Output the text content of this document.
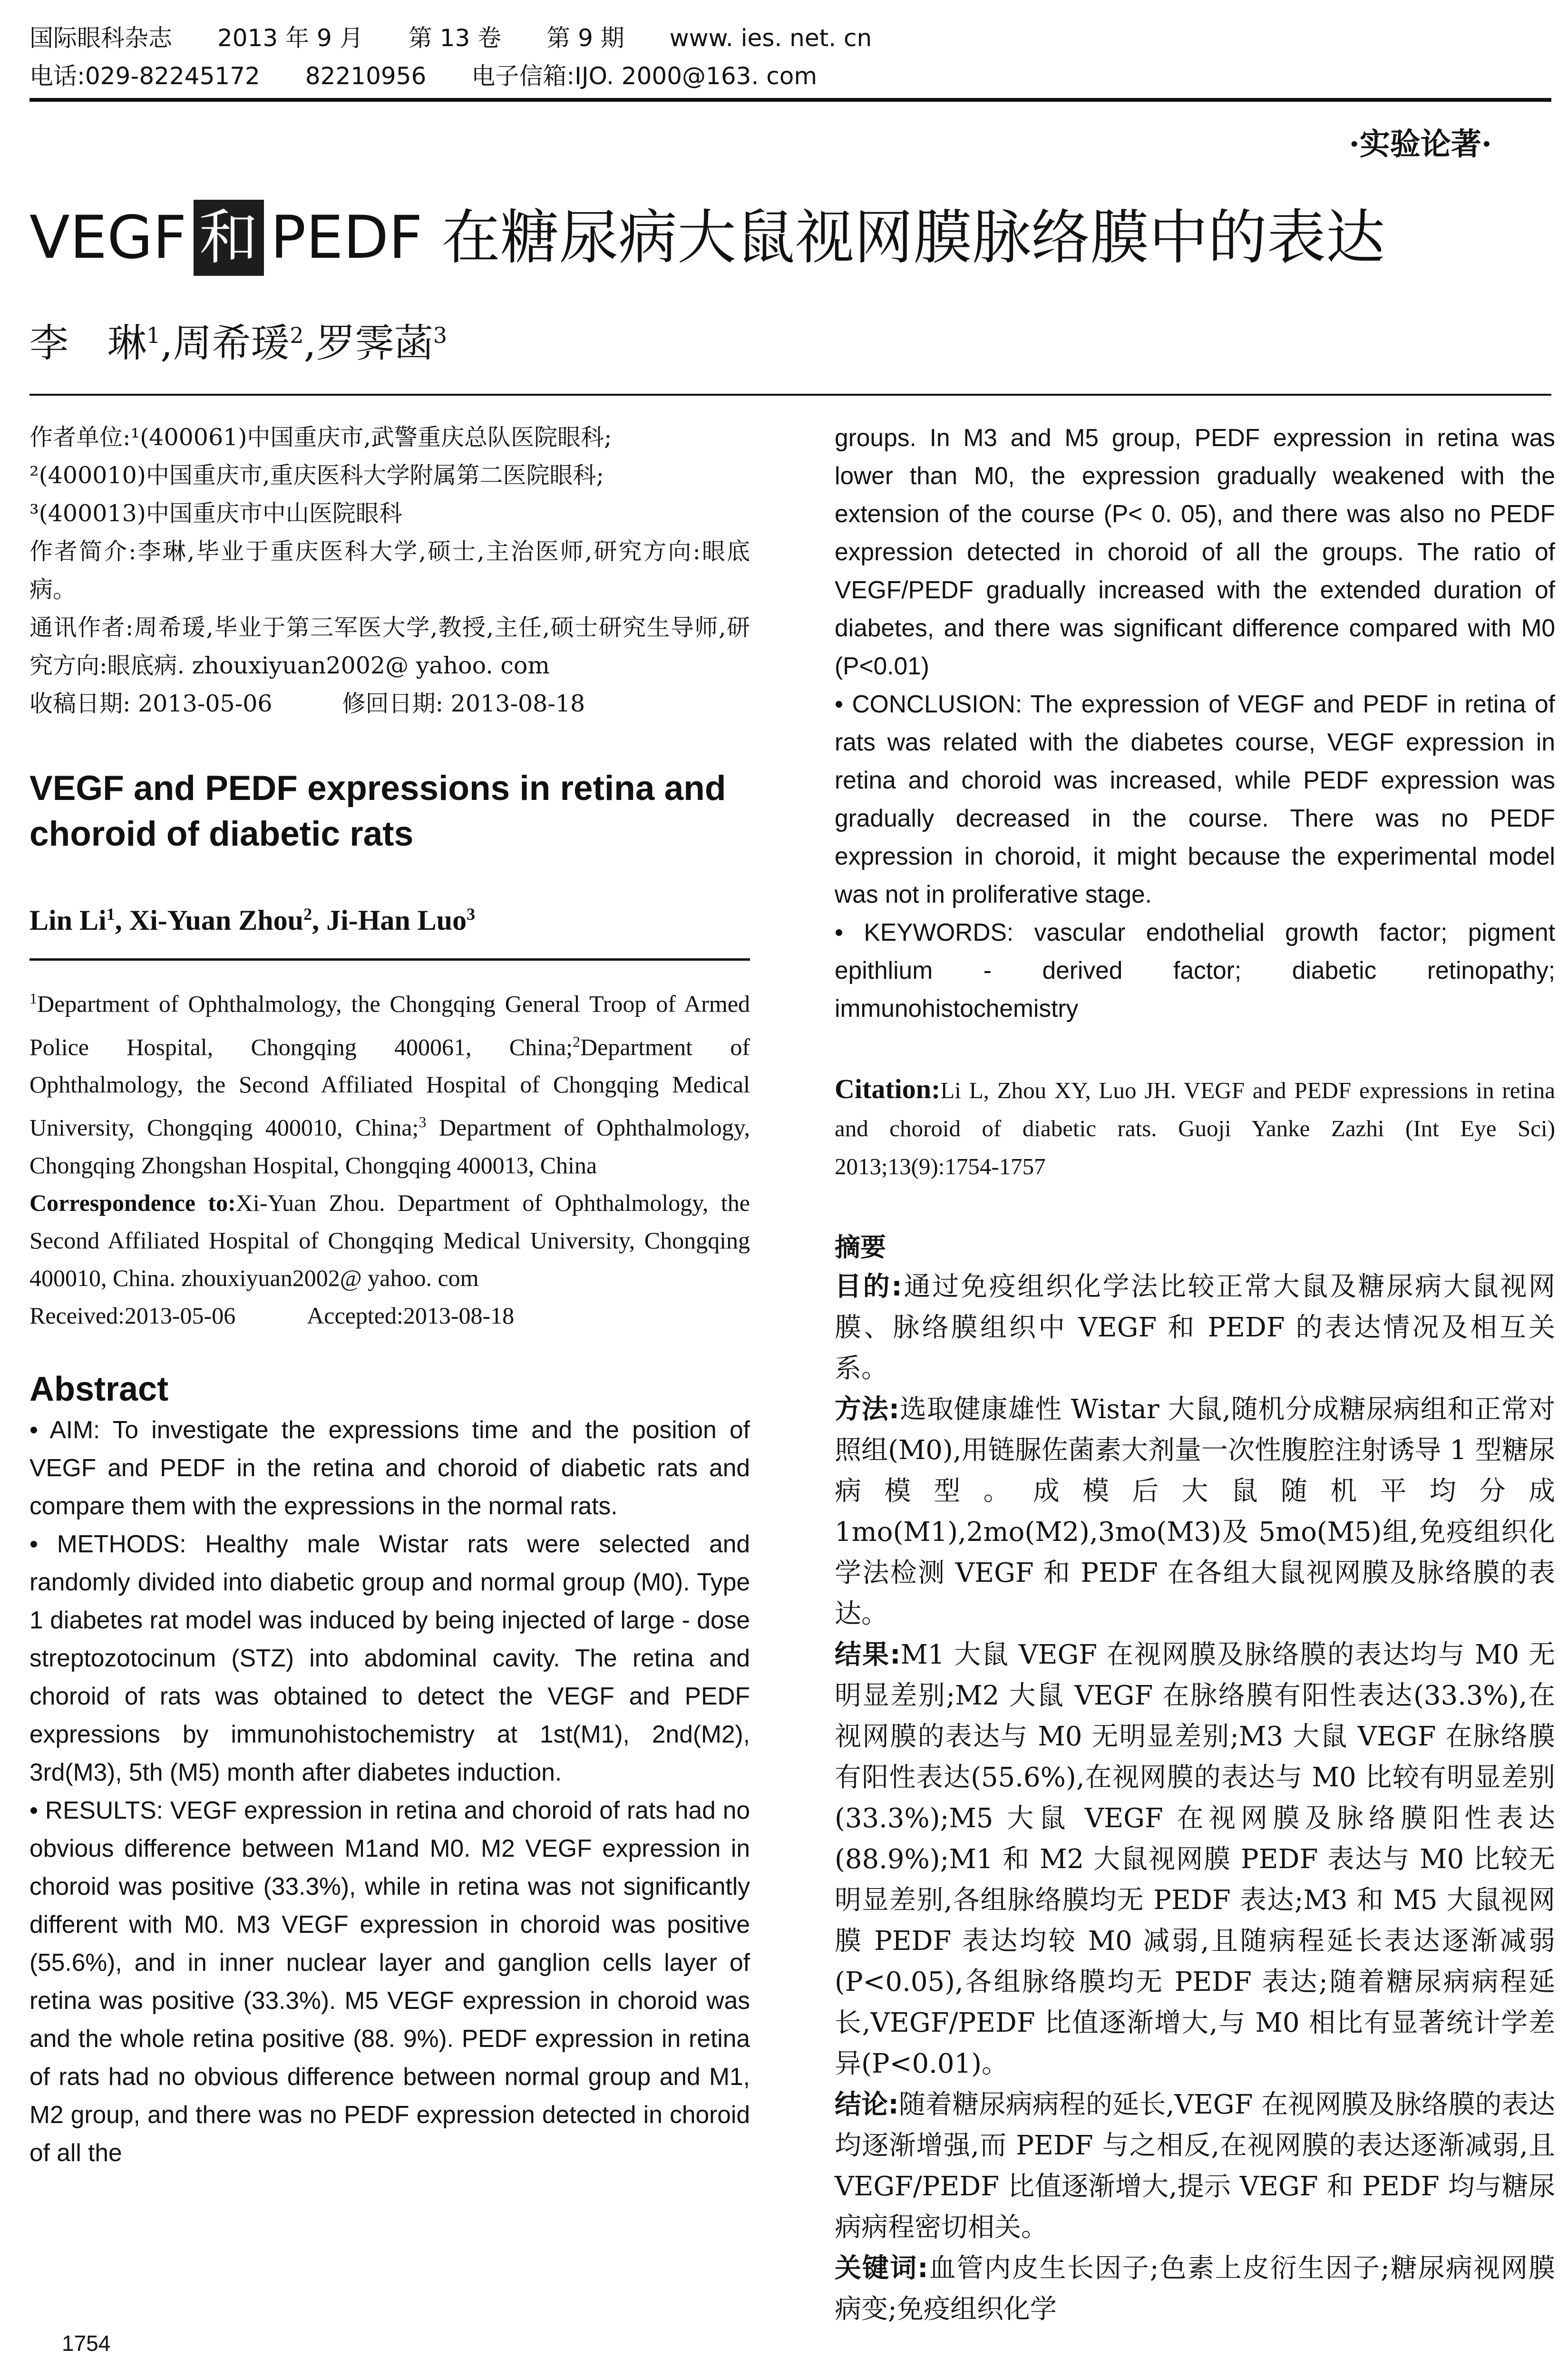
国际眼科杂志 2013 年 9 月 第 13 卷 第 9 期 www. ies. net. cn
电话:029-82245172 82210956 电子信箱:IJO. 2000@163. com
·实验论著·
VEGF 和 PEDF 在糖尿病大鼠视网膜脉络膜中的表达
李　琳$^1$,周希瑗$^2$,罗霁菡$^3$

作者单位:¹(400061)中国重庆市,武警重庆总队医院眼科;

²(400010)中国重庆市,重庆医科大学附属第二医院眼科;

³(400013)中国重庆市中山医院眼科

作者简介:李琳,毕业于重庆医科大学,硕士,主治医师,研究方向:眼底病。

通讯作者:周希瑗,毕业于第三军医大学,教授,主任,硕士研究生导师,研究方向:眼底病. zhouxiyuan2002@ yahoo. com

收稿日期: 2013-05-06　　　修回日期: 2013-08-18

VEGF and PEDF expressions in retina and choroid of diabetic rats
Lin Li$^1$, Xi-Yuan Zhou$^2$, Ji-Han Luo$^3$
$^1$Department of Ophthalmology, the Chongqing General Troop of Armed Police Hospital, Chongqing 400061, China;$^2$Department of Ophthalmology, the Second Affiliated Hospital of Chongqing Medical University, Chongqing 400010, China;$^3$ Department of Ophthalmology, Chongqing Zhongshan Hospital, Chongqing 400013, China

Correspondence to:Xi-Yuan Zhou. Department of Ophthalmology, the Second Affiliated Hospital of Chongqing Medical University, Chongqing 400010, China. zhouxiyuan2002@ yahoo. com

Received:2013-05-06　　　Accepted:2013-08-18

Abstract

• AIM: To investigate the expressions time and the position of VEGF and PEDF in the retina and choroid of diabetic rats and compare them with the expressions in the normal rats.

• METHODS: Healthy male Wistar rats were selected and randomly divided into diabetic group and normal group (M0). Type 1 diabetes rat model was induced by being injected of large - dose streptozotocinum (STZ) into abdominal cavity. The retina and choroid of rats was obtained to detect the VEGF and PEDF expressions by immunohistochemistry at 1st(M1), 2nd(M2), 3rd(M3), 5th (M5) month after diabetes induction.

• RESULTS: VEGF expression in retina and choroid of rats had no obvious difference between M1and M0. M2 VEGF expression in choroid was positive (33.3%), while in retina was not significantly different with M0. M3 VEGF expression in choroid was positive (55.6%), and in inner nuclear layer and ganglion cells layer of retina was positive (33.3%). M5 VEGF expression in choroid was and the whole retina positive (88. 9%). PEDF expression in retina of rats had no obvious difference between normal group and M1, M2 group, and there was no PEDF expression detected in choroid of all the

groups. In M3 and M5 group, PEDF expression in retina was lower than M0, the expression gradually weakened with the extension of the course (P< 0. 05), and there was also no PEDF expression detected in choroid of all the groups. The ratio of VEGF/PEDF gradually increased with the extended duration of diabetes, and there was significant difference compared with M0 (P<0.01)

• CONCLUSION: The expression of VEGF and PEDF in retina of rats was related with the diabetes course, VEGF expression in retina and choroid was increased, while PEDF expression was gradually decreased in the course. There was no PEDF expression in choroid, it might because the experimental model was not in proliferative stage.

• KEYWORDS: vascular endothelial growth factor; pigment epithlium - derived factor; diabetic retinopathy; immunohistochemistry

Citation:Li L, Zhou XY, Luo JH. VEGF and PEDF expressions in retina and choroid of diabetic rats. Guoji Yanke Zazhi (Int Eye Sci) 2013;13(9):1754-1757
摘要

目的:通过免疫组织化学法比较正常大鼠及糖尿病大鼠视网膜、脉络膜组织中 VEGF 和 PEDF 的表达情况及相互关系。

方法:选取健康雄性 Wistar 大鼠,随机分成糖尿病组和正常对照组(M0),用链脲佐菌素大剂量一次性腹腔注射诱导 1 型糖尿病模型。成模后大鼠随机平均分成 1mo(M1),2mo(M2),3mo(M3)及 5mo(M5)组,免疫组织化学法检测 VEGF 和 PEDF 在各组大鼠视网膜及脉络膜的表达。

结果:M1 大鼠 VEGF 在视网膜及脉络膜的表达均与 M0 无明显差别;M2 大鼠 VEGF 在脉络膜有阳性表达(33.3%),在视网膜的表达与 M0 无明显差别;M3 大鼠 VEGF 在脉络膜有阳性表达(55.6%),在视网膜的表达与 M0 比较有明显差别(33.3%);M5 大鼠 VEGF 在视网膜及脉络膜阳性表达(88.9%);M1 和 M2 大鼠视网膜 PEDF 表达与 M0 比较无明显差别,各组脉络膜均无 PEDF 表达;M3 和 M5 大鼠视网膜 PEDF 表达均较 M0 减弱,且随病程延长表达逐渐减弱(P<0.05),各组脉络膜均无 PEDF 表达;随着糖尿病病程延长,VEGF/PEDF 比值逐渐增大,与 M0 相比有显著统计学差异(P<0.01)。

结论:随着糖尿病病程的延长,VEGF 在视网膜及脉络膜的表达均逐渐增强,而 PEDF 与之相反,在视网膜的表达逐渐减弱,且 VEGF/PEDF 比值逐渐增大,提示 VEGF 和 PEDF 均与糖尿病病程密切相关。

关键词:血管内皮生长因子;色素上皮衍生因子;糖尿病视网膜病变;免疫组织化学

1754
